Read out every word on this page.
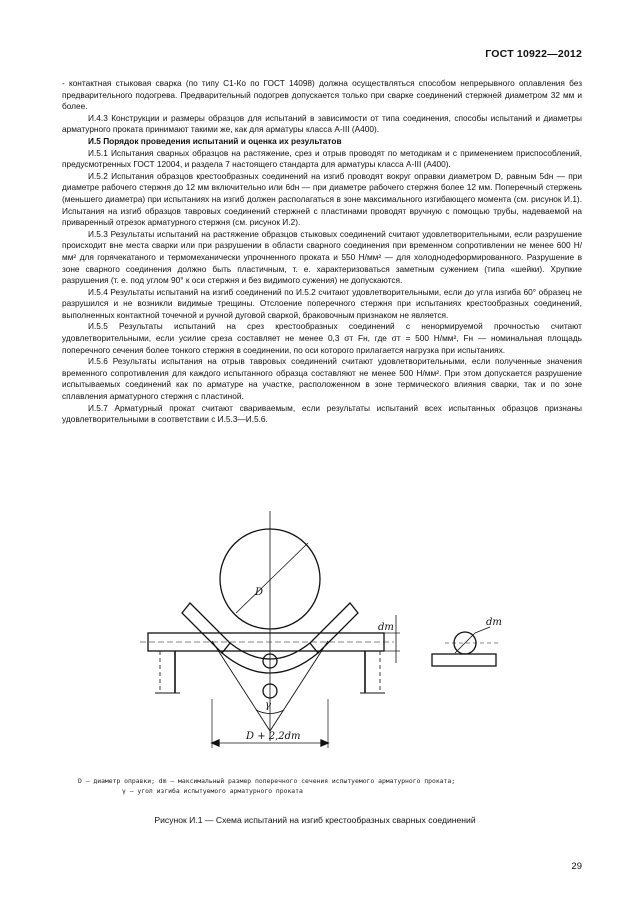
ГОСТ 10922—2012

- контактная стыковая сварка (по типу С1-Ко по ГОСТ 14098) должна осуществляться способом непрерывного оплавления без предварительного подогрева. Предварительный подогрев допускается только при сварке соединений стержней диаметром 32 мм и более.

И.4.3 Конструкции и размеры образцов для испытаний в зависимости от типа соединения, способы испытаний и диаметры арматурного проката принимают такими же, как для арматуры класса А-III (А400).

И.5 Порядок проведения испытаний и оценка их результатов

И.5.1 Испытания сварных образцов на растяжение, срез и отрыв проводят по методикам и с применением приспособлений, предусмотренных ГОСТ 12004, и раздела 7 настоящего стандарта для арматуры класса А-III (А400).

И.5.2 Испытания образцов крестообразных соединений на изгиб проводят вокруг оправки диаметром D, равным 5dн — при диаметре рабочего стержня до 12 мм включительно или 6dн — при диаметре рабочего стержня более 12 мм. Поперечный стержень (меньшего диаметра) при испытаниях на изгиб должен располагаться в зоне максимального изгибающего момента (см. рисунок И.1). Испытания на изгиб образцов тавровых соединений стержней с пластинами проводят вручную с помощью трубы, надеваемой на приваренный отрезок арматурного стержня (см. рисунок И.2).

И.5.3 Результаты испытаний на растяжение образцов стыковых соединений считают удовлетворительными, если разрушение происходит вне места сварки или при разрушении в области сварного соединения при временном сопротивлении не менее 600 Н/мм² для горячекатаного и термомеханически упрочненного проката и 550 Н/мм² — для холоднодеформированного. Разрушение в зоне сварного соединения должно быть пластичным, т. е. характеризоваться заметным сужением (типа «шейки). Хрупкие разрушения (т. е. под углом 90° к оси стержня и без видимого сужения) не допускаются.

И.5.4 Результаты испытаний на изгиб соединений по И.5.2 считают удовлетворительными, если до угла изгиба 60° образец не разрушился и не возникли видимые трещины. Отслоение поперечного стержня при испытаниях крестообразных соединений, выполненных контактной точечной и ручной дуговой сваркой, браковочным признаком не является.

И.5.5 Результаты испытаний на срез крестообразных соединений с ненормируемой прочностью считают удовлетворительными, если усилие среза составляет не менее 0,3 σт Fн, где σт = 500 Н/мм², Fн — номинальная площадь поперечного сечения более тонкого стержня в соединении, по оси которого прилагается нагрузка при испытаниях.

И.5.6 Результаты испытания на отрыв тавровых соединений считают удовлетворительными, если полученные значения временного сопротивления для каждого испытанного образца составляют не менее 500 Н/мм². При этом допускается разрушение испытываемых соединений как по арматуре на участке, расположенном в зоне термического влияния сварки, так и по зоне сплавления арматурного стержня с пластиной.

И.5.7 Арматурный прокат считают свариваемым, если результаты испытаний всех испытанных образцов признаны удовлетворительными в соответствии с И.5.3—И.5.6.

D
dm
γ
D + 2,2dm
dm
D – диаметр оправки; dm – максимальный размер поперечного сечения испытуемого арматурного проката;
γ – угол изгиба испытуемого арматурного проката
Рисунок И.1 — Схема испытаний на изгиб крестообразных сварных соединений
29
